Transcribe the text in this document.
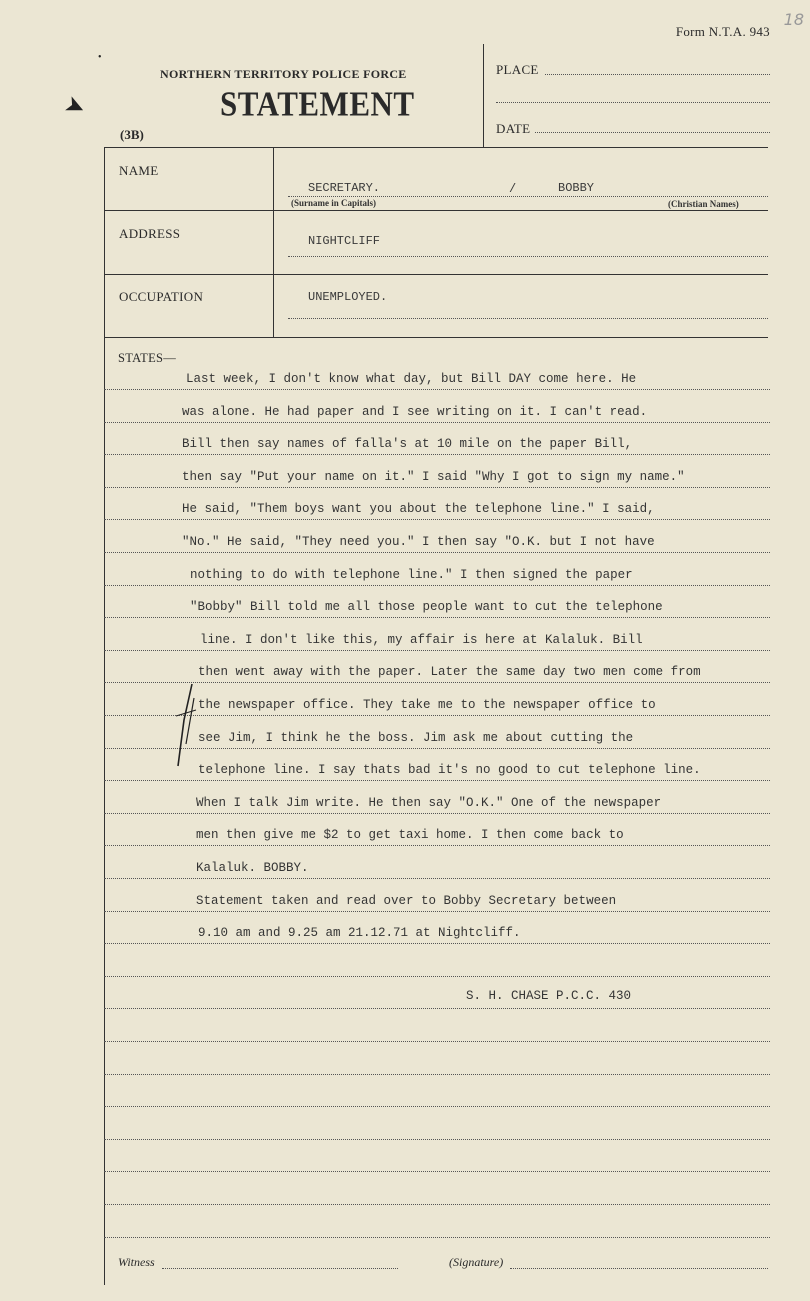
Form N.T.A. 943
18
➤
•
NORTHERN TERRITORY POLICE FORCE
STATEMENT
(3B)
PLACE
DATE
NAME
SECRETARY.	/	BOBBY
(Surname in Capitals)	(Christian Names)
ADDRESS	NIGHTCLIFF
OCCUPATION	UNEMPLOYED.
STATES—
Last week, I don't know what day, but Bill DAY come here. He
was alone. He had paper and I see writing on it. I can't read.
Bill then say names of falla's at 10 mile on the paper Bill,
then say "Put your name on it." I said "Why I got to sign my name."
He said, "Them boys want you about the telephone line." I said,
"No." He said, "They need you." I then say "O.K. but I not have
nothing to do with telephone line." I then signed the paper
"Bobby" Bill told me all those people want to cut the telephone
line. I don't like this, my affair is here at Kalaluk. Bill
then went away with the paper. Later the same day two men come from
the newspaper office. They take me to the newspaper office to
see Jim, I think he the boss. Jim ask me about cutting the
telephone line. I say thats bad it's no good to cut telephone line.
When I talk Jim write. He then say "O.K." One of the newspaper
men then give me $2 to get taxi home. I then come back to
Kalaluk. BOBBY.
Statement taken and read over to Bobby Secretary between
9.10 am and 9.25 am 21.12.71 at Nightcliff.
S. H. CHASE P.C.C. 430
Witness	(Signature)
